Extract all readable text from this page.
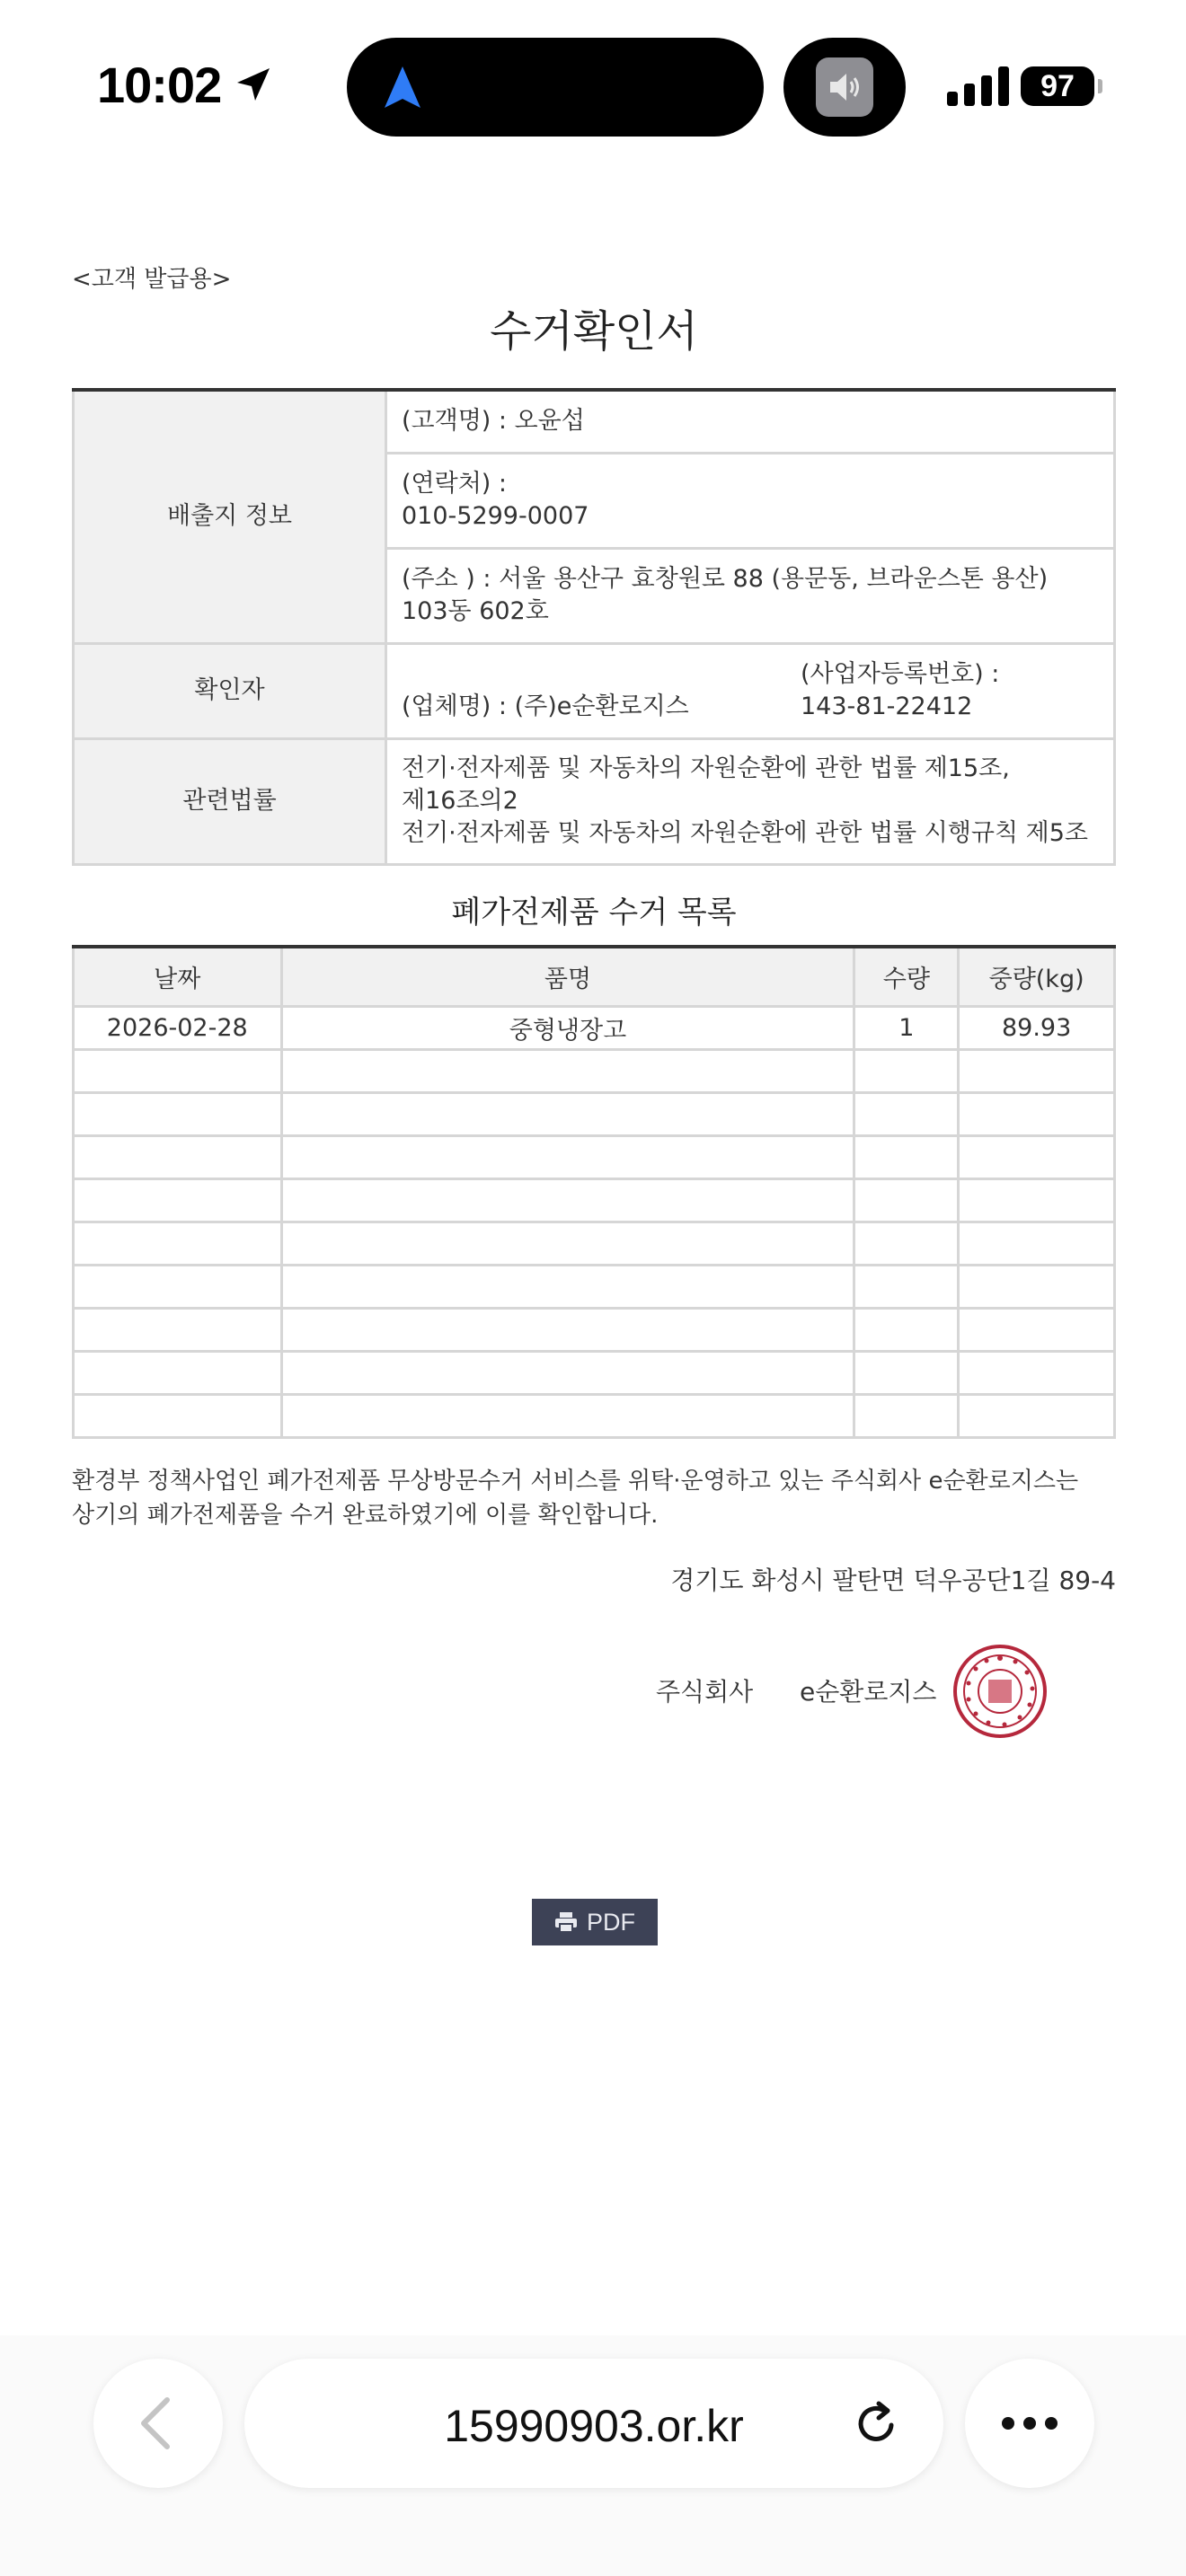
10:02	97
<고객 발급용>
수거확인서
배출지 정보	(고객명) : 오윤섭

	(연락처) :
010-5299-0007

	(주소 ) : 서울 용산구 효창원로 88 (용문동, 브라운스톤 용산)
103동 602호

확인자	(업체명) : (주)e순환로지스
(사업자등록번호) :
143-81-22412

관련법률	전기·전자제품 및 자동차의 자원순환에 관한 법률 제15조,
제16조의2
전기·전자제품 및 자동차의 자원순환에 관한 법률 시행규칙 제5조
폐가전제품 수거 목록
날짜	품명	수량	중량(kg)
2026-02-28	중형냉장고	1	89.93

환경부 정책사업인 폐가전제품 무상방문수거 서비스를 위탁·운영하고 있는 주식회사 e순환로지스는
상기의 폐가전제품을 수거 완료하였기에 이를 확인합니다.
경기도 화성시 팔탄면 덕우공단1길 89-4
주식회사 e순환로지스
PDF
15990903.or.kr
